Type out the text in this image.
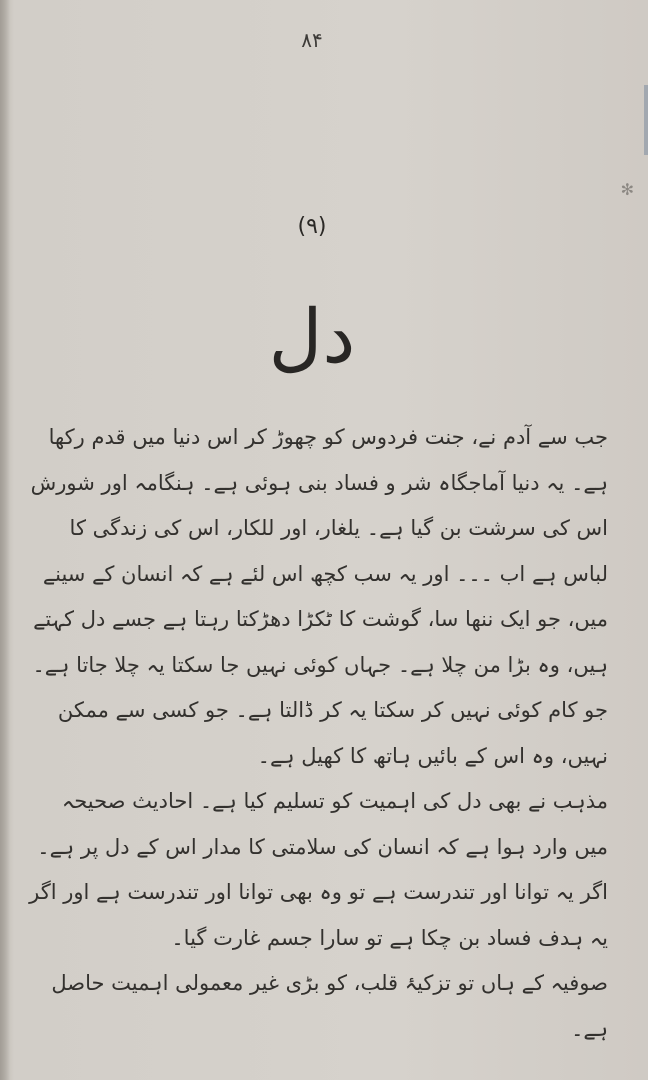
✻
۸۴
(۹)
دل

جب سے آدم نے، جنت فردوس کو چھوڑ کر اس دنیا میں قدم رکھا ہے۔ یہ دنیا آماجگاہ شر و فساد بنی ہوئی ہے۔ ہنگامہ اور شورش اس کی سرشت بن گیا ہے۔ یلغار، اور للکار، اس کی زندگی کا لباس ہے اب ۔۔۔ اور یہ سب کچھ اس لئے ہے کہ انسان کے سینے میں، جو ایک ننھا سا، گوشت کا ٹکڑا دھڑکتا رہتا ہے جسے دل کہتے ہیں، وہ بڑا من چلا ہے۔ جہاں کوئی نہیں جا سکتا یہ چلا جاتا ہے۔ جو کام کوئی نہیں کر سکتا یہ کر ڈالتا ہے۔ جو کسی سے ممکن نہیں، وہ اس کے بائیں ہاتھ کا کھیل ہے۔

مذہب نے بھی دل کی اہمیت کو تسلیم کیا ہے۔ احادیث صحیحہ میں وارد ہوا ہے کہ انسان کی سلامتی کا مدار اس کے دل پر ہے۔ اگر یہ توانا اور تندرست ہے تو وہ بھی توانا اور تندرست ہے اور اگر یہ ہدف فساد بن چکا ہے تو سارا جسم غارت گیا۔

صوفیہ کے ہاں تو تزکیۂ قلب، کو بڑی غیر معمولی اہمیت حاصل ہے۔
